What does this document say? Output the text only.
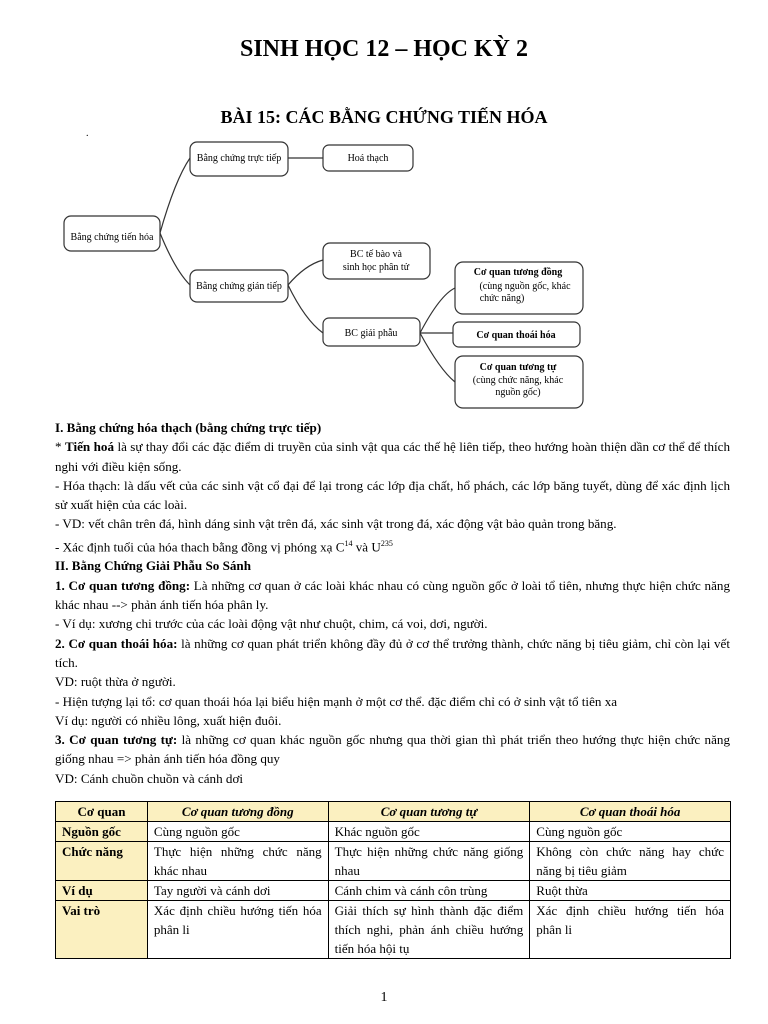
SINH HỌC 12 – HỌC KỲ 2
BÀI 15: CÁC BẰNG CHỨNG TIẾN HÓA
.
Bằng chứng tiến hóa
Bằng chứng trực tiếp	Hoá thạch
Bằng chứng gián tiếp
BC tế bào và
sinh học phân tử
BC giải phẫu
Cơ quan tương đồng
(cùng nguồn gốc, khác
chức năng)
Cơ quan thoái hóa
Cơ quan tương tự
(cùng chức năng, khác
nguồn gốc)

I. Bằng chứng hóa thạch (bằng chứng trực tiếp)

* Tiến hoá là sự thay đổi các đặc điểm di truyền của sinh vật qua các thế hệ liên tiếp, theo hướng hoàn thiện dần cơ thể để thích nghi với điều kiện sống.

- Hóa thạch: là dấu vết của các sinh vật cổ đại để lại trong các lớp địa chất, hổ phách, các lớp băng tuyết, dùng để xác định lịch sử xuất hiện của các loài.

- VD: vết chân trên đá, hình dáng sinh vật trên đá, xác sinh vật trong đá, xác động vật bảo quản trong băng.

- Xác định tuổi của hóa thach bằng đồng vị phóng xạ $C^{14}$ và $U^{235}$

II. Bằng Chứng Giải Phẫu So Sánh

1. Cơ quan tương đồng: Là những cơ quan ở các loài khác nhau có cùng nguồn gốc ở loài tổ tiên, nhưng thực hiện chức năng khác nhau --> phản ánh tiến hóa phân ly.

- Ví dụ: xương chi trước của các loài động vật như chuột, chim, cá voi, dơi, người.

2. Cơ quan thoái hóa: là những cơ quan phát triển không đầy đủ ở cơ thể trưởng thành, chức năng bị tiêu giảm, chỉ còn lại vết tích.

VD: ruột thừa ở người.

- Hiện tượng lại tổ: cơ quan thoái hóa lại biểu hiện mạnh ở một cơ thể. đặc điểm chỉ có ở sinh vật tổ tiên xa

Ví dụ: người có nhiều lông, xuất hiện đuôi.

3. Cơ quan tương tự: là những cơ quan khác nguồn gốc nhưng qua thời gian thì phát triển theo hướng thực hiện chức năng giống nhau => phản ánh tiến hóa đồng quy

VD: Cánh chuồn chuồn và cánh dơi

Cơ quan	Cơ quan tương đồng	Cơ quan tương tự	Cơ quan thoái hóa
Nguồn gốc	Cùng nguồn gốc	Khác nguồn gốc	Cùng nguồn gốc
Chức năng	Thực hiện những chức năng khác nhau	Thực hiện những chức năng giống nhau	Không còn chức năng hay chức năng bị tiêu giảm
Ví dụ	Tay người và cánh dơi	Cánh chim và cánh côn trùng	Ruột thừa
Vai trò	Xác định chiều hướng tiến hóa phân li	Giải thích sự hình thành đặc điểm thích nghi, phản ánh chiều hướng tiến hóa hội tụ	Xác định chiều hướng tiến hóa phân li
1
